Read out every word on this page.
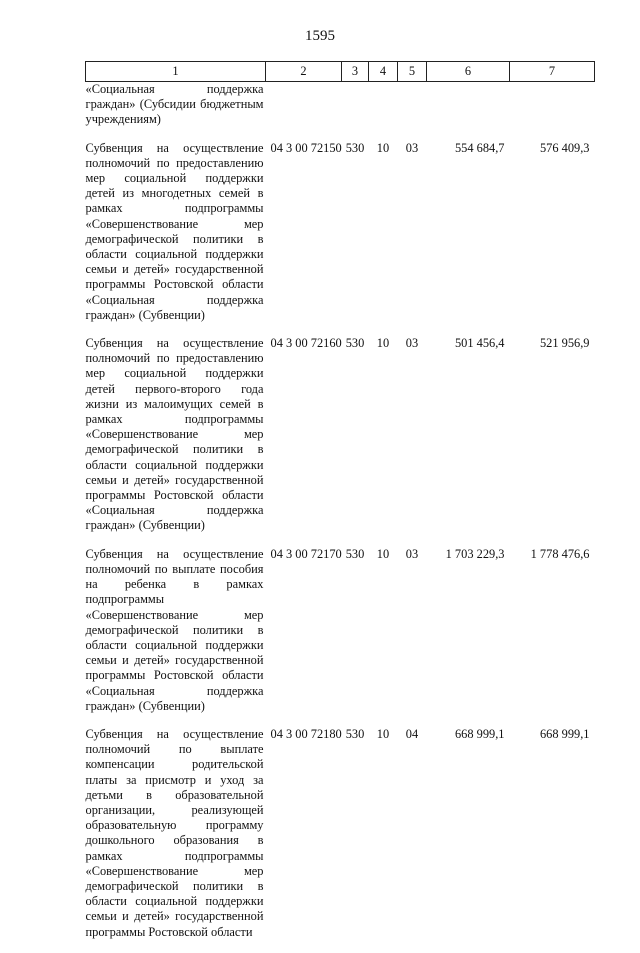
1595
1	2	3	4	5	6	7
«Социальная поддержка граждан» (Субсидии бюджетным учреждениям)						
Субвенция на осуществление полномочий по предоставлению мер социальной поддержки детей из многодетных семей в рамках подпрограммы «Совершенствование мер демографической политики в области социальной поддержки семьи и детей» государственной программы Ростовской области «Социальная поддержка граждан» (Субвенции)	04 3 00 72150	530	10	03	554 684,7	576 409,3
Субвенция на осуществление полномочий по предоставлению мер социальной поддержки детей первого-второго года жизни из малоимущих семей в рамках подпрограммы «Совершенствование мер демографической политики в области социальной поддержки семьи и детей» государственной программы Ростовской области «Социальная поддержка граждан» (Субвенции)	04 3 00 72160	530	10	03	501 456,4	521 956,9
Субвенция на осуществление полномочий по выплате пособия на ребенка в рамках подпрограммы «Совершенствование мер демографической политики в области социальной поддержки семьи и детей» государственной программы Ростовской области «Социальная поддержка граждан» (Субвенции)	04 3 00 72170	530	10	03	1 703 229,3	1 778 476,6
Субвенция на осуществление полномочий по выплате компенсации родительской платы за присмотр и уход за детьми в образовательной организации, реализующей образовательную программу дошкольного образования в рамках подпрограммы «Совершенствование мер демографической политики в области социальной поддержки семьи и детей» государственной программы Ростовской области	04 3 00 72180	530	10	04	668 999,1	668 999,1
